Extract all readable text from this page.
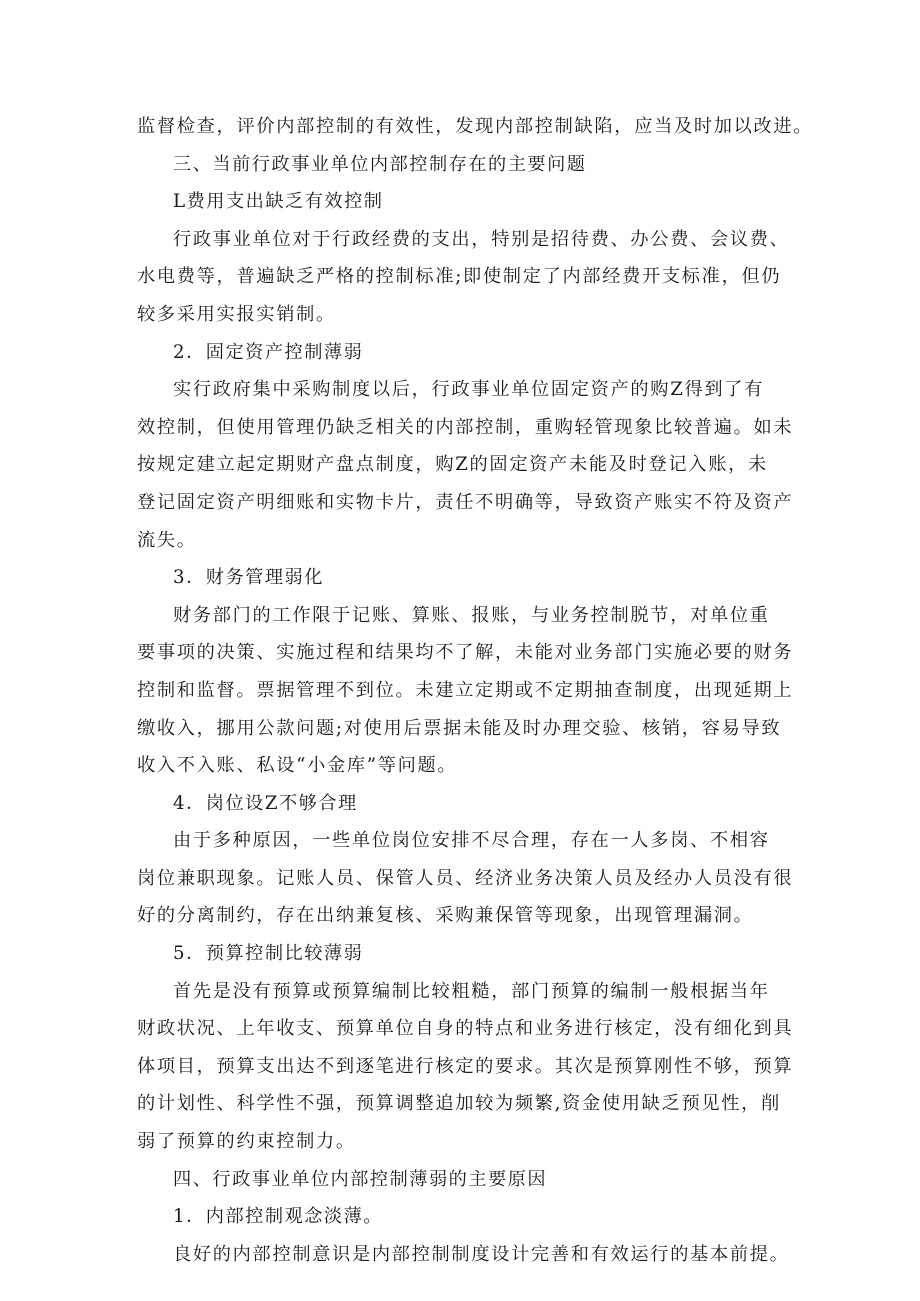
监督检查，评价内部控制的有效性，发现内部控制缺陷，应当及时加以改进。
三、当前行政事业单位内部控制存在的主要问题
L费用支出缺乏有效控制
行政事业单位对于行政经费的支出，特别是招待费、办公费、会议费、
水电费等，普遍缺乏严格的控制标准;即使制定了内部经费开支标准，但仍
较多采用实报实销制。
2．固定资产控制薄弱
实行政府集中采购制度以后，行政事业单位固定资产的购Z得到了有
效控制，但使用管理仍缺乏相关的内部控制，重购轻管现象比较普遍。如未
按规定建立起定期财产盘点制度，购Z的固定资产未能及时登记入账，未
登记固定资产明细账和实物卡片，责任不明确等，导致资产账实不符及资产
流失。
3．财务管理弱化
财务部门的工作限于记账、算账、报账，与业务控制脱节，对单位重
要事项的决策、实施过程和结果均不了解，未能对业务部门实施必要的财务
控制和监督。票据管理不到位。未建立定期或不定期抽查制度，出现延期上
缴收入，挪用公款问题;对使用后票据未能及时办理交验、核销，容易导致
收入不入账、私设“小金库”等问题。
4．岗位设Z不够合理
由于多种原因，一些单位岗位安排不尽合理，存在一人多岗、不相容
岗位兼职现象。记账人员、保管人员、经济业务决策人员及经办人员没有很
好的分离制约，存在出纳兼复核、采购兼保管等现象，出现管理漏洞。
5．预算控制比较薄弱
首先是没有预算或预算编制比较粗糙，部门预算的编制一般根据当年
财政状况、上年收支、预算单位自身的特点和业务进行核定，没有细化到具
体项目，预算支出达不到逐笔进行核定的要求。其次是预算刚性不够，预算
的计划性、科学性不强，预算调整追加较为频繁,资金使用缺乏预见性，削
弱了预算的约束控制力。
四、行政事业单位内部控制薄弱的主要原因
1．内部控制观念淡薄。
良好的内部控制意识是内部控制制度设计完善和有效运行的基本前提。
